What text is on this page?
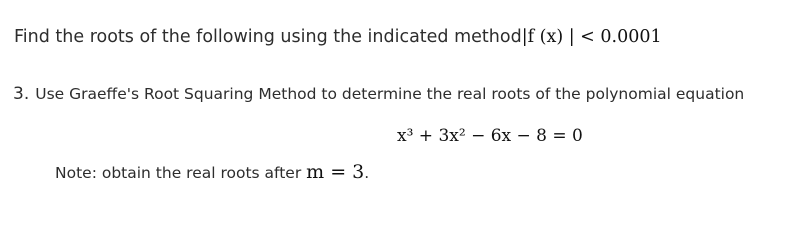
Find the roots of the following using the indicated method|f (x) | < 0.0001
3. Use Graeffe's Root Squaring Method to determine the real roots of the polynomial equation
x³ + 3x² − 6x − 8 = 0
Note: obtain the real roots after m = 3.
